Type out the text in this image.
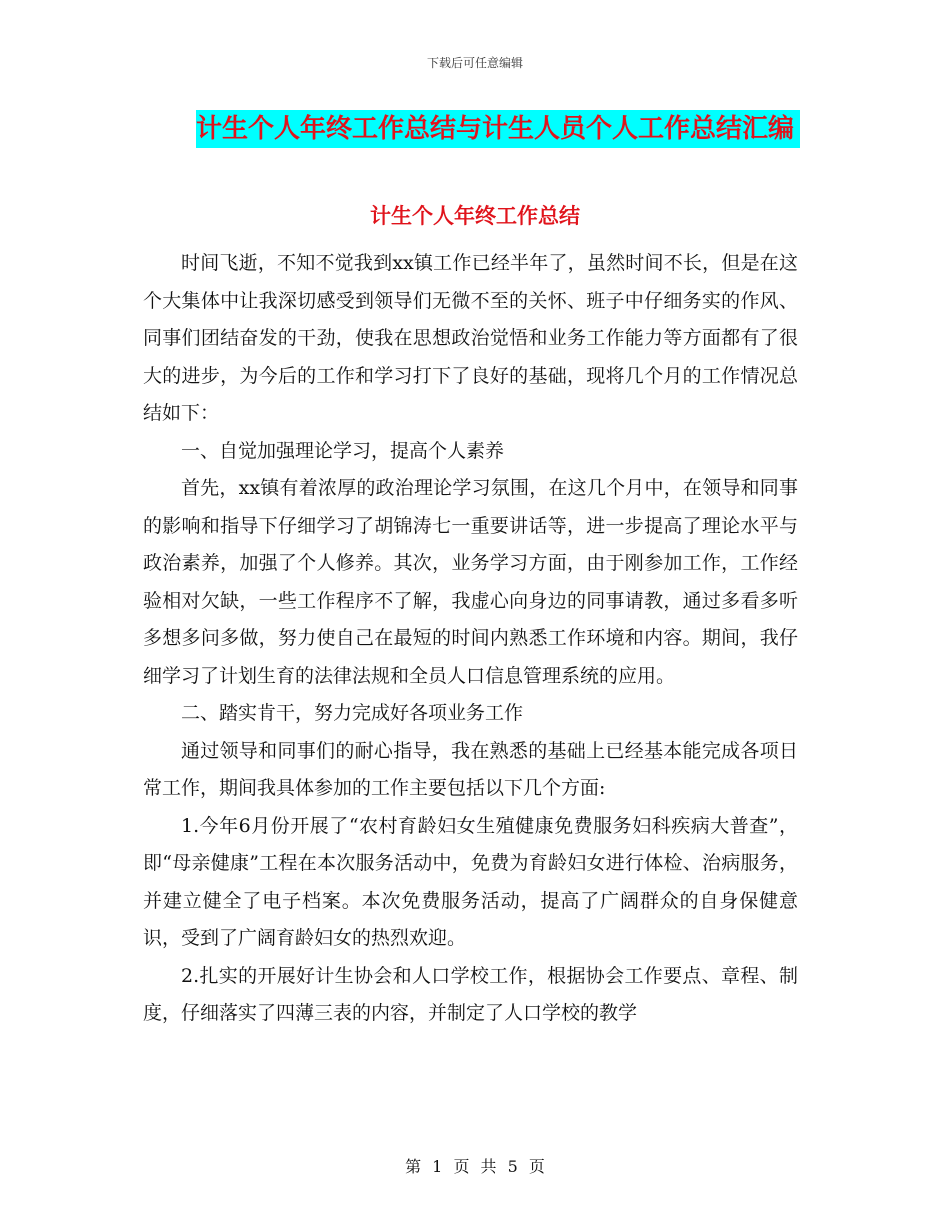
下载后可任意编辑
计生个人年终工作总结与计生人员个人工作总结汇编
计生个人年终工作总结

时间飞逝，不知不觉我到xx镇工作已经半年了，虽然时间不长，但是在这个大集体中让我深切感受到领导们无微不至的关怀、班子中仔细务实的作风、同事们团结奋发的干劲，使我在思想政治觉悟和业务工作能力等方面都有了很大的进步，为今后的工作和学习打下了良好的基础，现将几个月的工作情况总结如下：

一、自觉加强理论学习，提高个人素养

首先，xx镇有着浓厚的政治理论学习氛围，在这几个月中，在领导和同事的影响和指导下仔细学习了胡锦涛七一重要讲话等，进一步提高了理论水平与政治素养，加强了个人修养。其次，业务学习方面，由于刚参加工作，工作经验相对欠缺，一些工作程序不了解，我虚心向身边的同事请教，通过多看多听多想多问多做，努力使自己在最短的时间内熟悉工作环境和内容。期间，我仔细学习了计划生育的法律法规和全员人口信息管理系统的应用。

二、踏实肯干，努力完成好各项业务工作

通过领导和同事们的耐心指导，我在熟悉的基础上已经基本能完成各项日常工作，期间我具体参加的工作主要包括以下几个方面:

1.今年6月份开展了“农村育龄妇女生殖健康免费服务妇科疾病大普查”，即“母亲健康”工程在本次服务活动中，免费为育龄妇女进行体检、治病服务，并建立健全了电子档案。本次免费服务活动，提高了广阔群众的自身保健意识，受到了广阔育龄妇女的热烈欢迎。

2.扎实的开展好计生协会和人口学校工作，根据协会工作要点、章程、制度，仔细落实了四薄三表的内容，并制定了人口学校的教学

第 1 页 共 5 页
